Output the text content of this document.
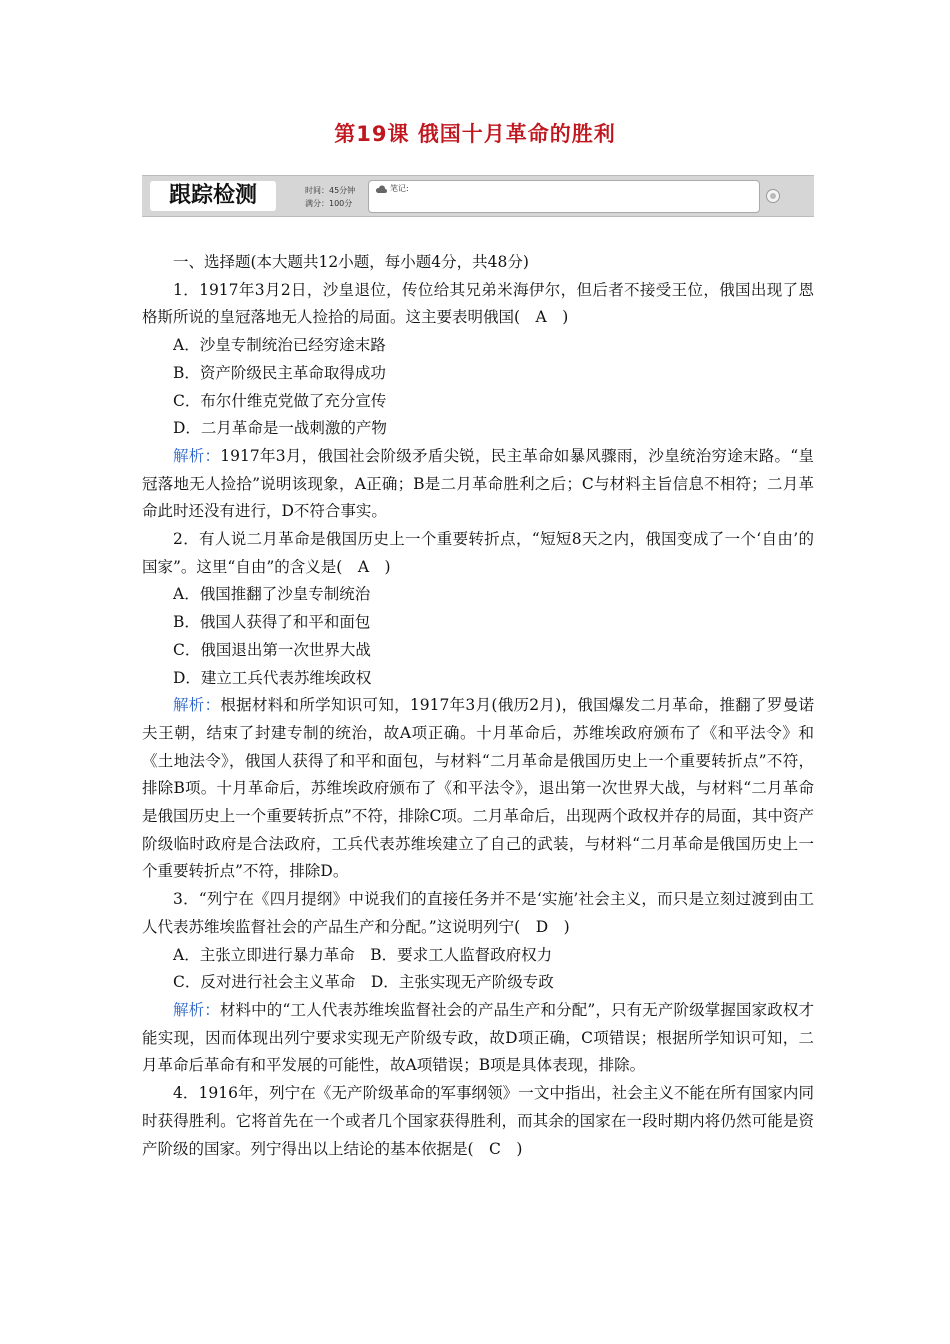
第19课 俄国十月革命的胜利
跟踪检测	时间：45分钟
满分：100分
笔记:

一、选择题(本大题共12小题，每小题4分，共48分)

1．1917年3月2日，沙皇退位，传位给其兄弟米海伊尔，但后者不接受王位，俄国出现了恩格斯所说的皇冠落地无人捡拾的局面。这主要表明俄国(　A　)

A．沙皇专制统治已经穷途末路

B．资产阶级民主革命取得成功

C．布尔什维克党做了充分宣传

D．二月革命是一战刺激的产物

解析：1917年3月，俄国社会阶级矛盾尖锐，民主革命如暴风骤雨，沙皇统治穷途末路。“皇冠落地无人捡拾”说明该现象，A正确；B是二月革命胜利之后；C与材料主旨信息不相符；二月革命此时还没有进行，D不符合事实。

2．有人说二月革命是俄国历史上一个重要转折点，“短短8天之内，俄国变成了一个‘自由’的国家”。这里“自由”的含义是(　A　)

A．俄国推翻了沙皇专制统治

B．俄国人获得了和平和面包

C．俄国退出第一次世界大战

D．建立工兵代表苏维埃政权

解析：根据材料和所学知识可知，1917年3月(俄历2月)，俄国爆发二月革命，推翻了罗曼诺夫王朝，结束了封建专制的统治，故A项正确。十月革命后，苏维埃政府颁布了《和平法令》和《土地法令》，俄国人获得了和平和面包，与材料“二月革命是俄国历史上一个重要转折点”不符，排除B项。十月革命后，苏维埃政府颁布了《和平法令》，退出第一次世界大战，与材料“二月革命是俄国历史上一个重要转折点”不符，排除C项。二月革命后，出现两个政权并存的局面，其中资产阶级临时政府是合法政府，工兵代表苏维埃建立了自己的武装，与材料“二月革命是俄国历史上一个重要转折点”不符，排除D。

3．“列宁在《四月提纲》中说我们的直接任务并不是‘实施’社会主义，而只是立刻过渡到由工人代表苏维埃监督社会的产品生产和分配。”这说明列宁(　D　)

A．主张立即进行暴力革命　B．要求工人监督政府权力

C．反对进行社会主义革命　D．主张实现无产阶级专政

解析：材料中的“工人代表苏维埃监督社会的产品生产和分配”，只有无产阶级掌握国家政权才能实现，因而体现出列宁要求实现无产阶级专政，故D项正确，C项错误；根据所学知识可知，二月革命后革命有和平发展的可能性，故A项错误；B项是具体表现，排除。

4．1916年，列宁在《无产阶级革命的军事纲领》一文中指出，社会主义不能在所有国家内同时获得胜利。它将首先在一个或者几个国家获得胜利，而其余的国家在一段时期内将仍然可能是资产阶级的国家。列宁得出以上结论的基本依据是(　C　)
